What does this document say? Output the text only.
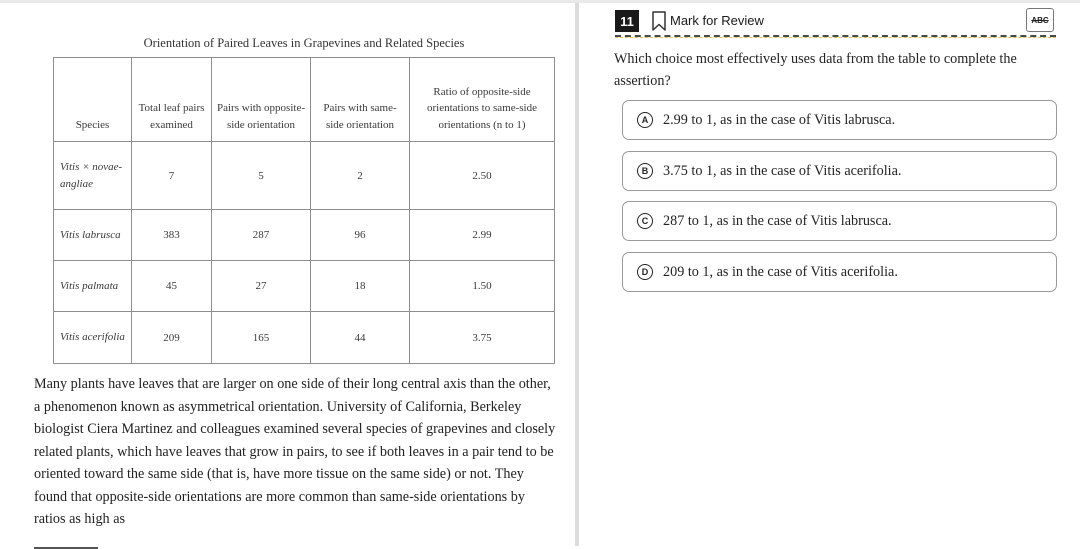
Orientation of Paired Leaves in Grapevines and Related Species
Species	Total leaf pairs examined	Pairs with opposite-side orientation	Pairs with same-side orientation	Ratio of opposite-side orientations to same-side orientations (n to 1)
Vitis × novae-angliae	7	5	2	2.50
Vitis labrusca	383	287	96	2.99
Vitis palmata	45	27	18	1.50
Vitis acerifolia	209	165	44	3.75
Many plants have leaves that are larger on one side of their long central axis than the other, a phenomenon known as asymmetrical orientation. University of California, Berkeley biologist Ciera Martinez and colleagues examined several species of grapevines and closely related plants, which have leaves that grow in pairs, to see if both leaves in a pair tend to be oriented toward the same side (that is, have more tissue on the same side) or not. They found that opposite-side orientations are more common than same-side orientations by ratios as high as
11	Mark for Review	ABC
Which choice most effectively uses data from the table to complete the assertion?
A	2.99 to 1, as in the case of Vitis labrusca.
B	3.75 to 1, as in the case of Vitis acerifolia.
C	287 to 1, as in the case of Vitis labrusca.
D	209 to 1, as in the case of Vitis acerifolia.
